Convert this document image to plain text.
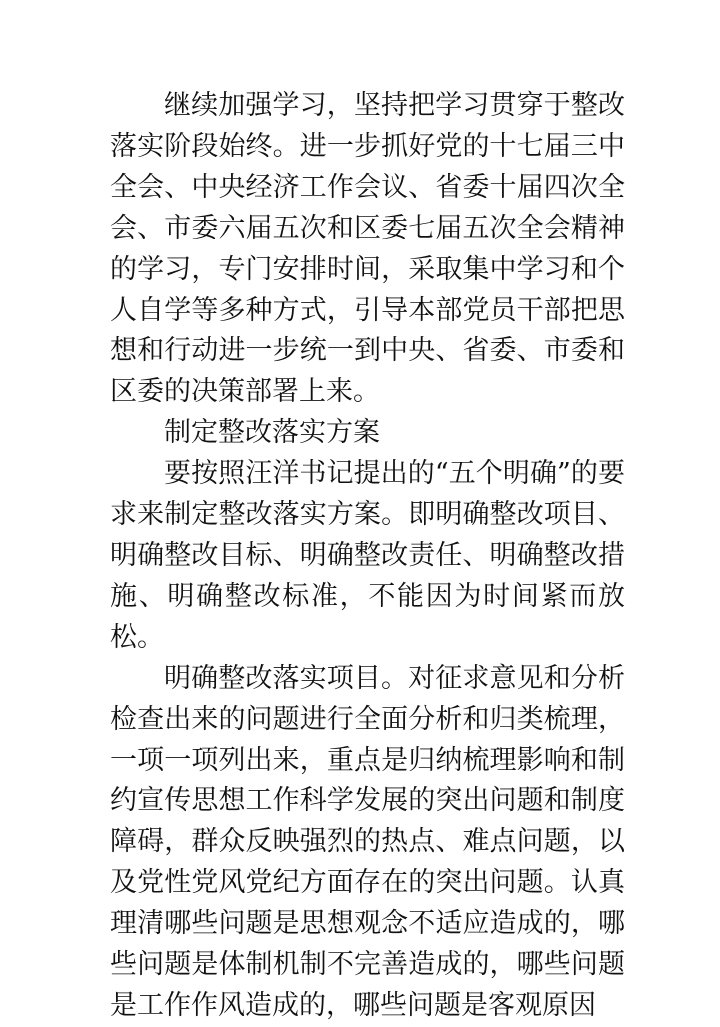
继续加强学习，坚持把学习贯穿于整改落实阶段始终。进一步抓好党的十七届三中全会、中央经济工作会议、省委十届四次全会、市委六届五次和区委七届五次全会精神的学习，专门安排时间，采取集中学习和个人自学等多种方式，引导本部党员干部把思想和行动进一步统一到中央、省委、市委和区委的决策部署上来。

制定整改落实方案

要按照汪洋书记提出的“五个明确”的要求来制定整改落实方案。即明确整改项目、明确整改目标、明确整改责任、明确整改措施、明确整改标准，不能因为时间紧而放松。

明确整改落实项目。对征求意见和分析检查出来的问题进行全面分析和归类梳理，一项一项列出来，重点是归纳梳理影响和制约宣传思想工作科学发展的突出问题和制度障碍，群众反映强烈的热点、难点问题，以及党性党风党纪方面存在的突出问题。认真理清哪些问题是思想观念不适应造成的，哪些问题是体制机制不完善造成的，哪些问题是工作作风造成的，哪些问题是客观原因
